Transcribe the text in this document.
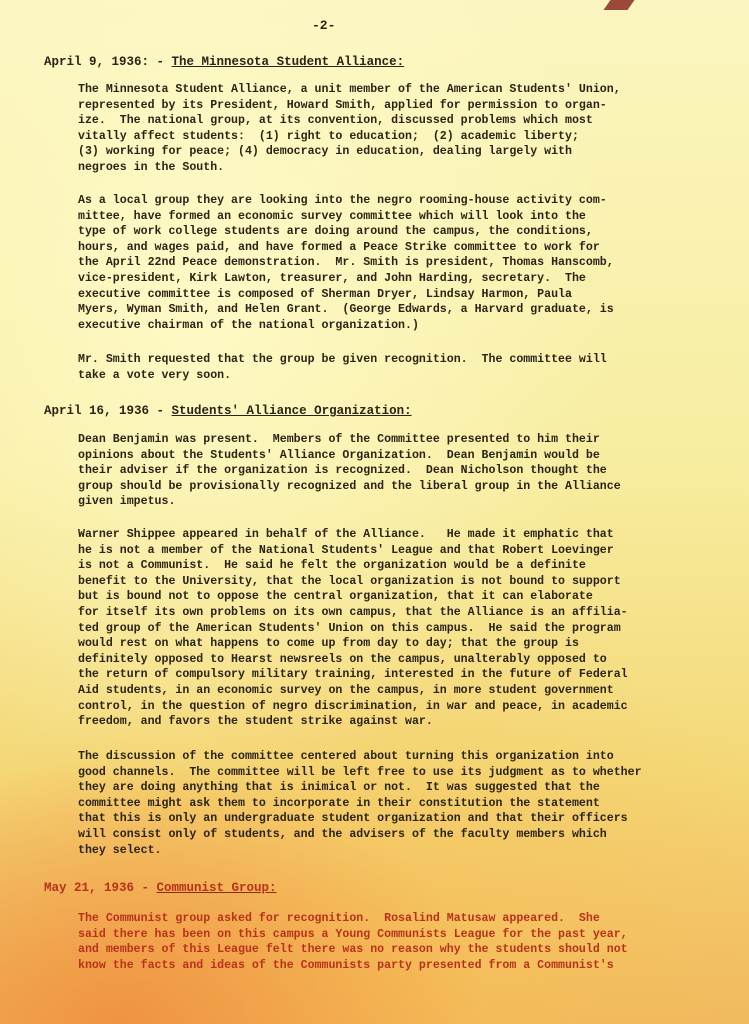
-2-
April 9, 1936: - The Minnesota Student Alliance:

The Minnesota Student Alliance, a unit member of the American Students' Union,
represented by its President, Howard Smith, applied for permission to organ-
ize.  The national group, at its convention, discussed problems which most
vitally affect students:  (1) right to education;  (2) academic liberty;
(3) working for peace; (4) democracy in education, dealing largely with
negroes in the South.

As a local group they are looking into the negro rooming-house activity com-
mittee, have formed an economic survey committee which will look into the
type of work college students are doing around the campus, the conditions,
hours, and wages paid, and have formed a Peace Strike committee to work for
the April 22nd Peace demonstration.  Mr. Smith is president, Thomas Hanscomb,
vice-president, Kirk Lawton, treasurer, and John Harding, secretary.  The
executive committee is composed of Sherman Dryer, Lindsay Harmon, Paula
Myers, Wyman Smith, and Helen Grant.  (George Edwards, a Harvard graduate, is
executive chairman of the national organization.)

Mr. Smith requested that the group be given recognition.  The committee will
take a vote very soon.

April 16, 1936 - Students' Alliance Organization:

Dean Benjamin was present.  Members of the Committee presented to him their
opinions about the Students' Alliance Organization.  Dean Benjamin would be
their adviser if the organization is recognized.  Dean Nicholson thought the
group should be provisionally recognized and the liberal group in the Alliance
given impetus.

Warner Shippee appeared in behalf of the Alliance.   He made it emphatic that
he is not a member of the National Students' League and that Robert Loevinger
is not a Communist.  He said he felt the organization would be a definite
benefit to the University, that the local organization is not bound to support
but is bound not to oppose the central organization, that it can elaborate
for itself its own problems on its own campus, that the Alliance is an affilia-
ted group of the American Students' Union on this campus.  He said the program
would rest on what happens to come up from day to day; that the group is
definitely opposed to Hearst newsreels on the campus, unalterably opposed to
the return of compulsory military training, interested in the future of Federal
Aid students, in an economic survey on the campus, in more student government
control, in the question of negro discrimination, in war and peace, in academic
freedom, and favors the student strike against war.

The discussion of the committee centered about turning this organization into
good channels.  The committee will be left free to use its judgment as to whether
they are doing anything that is inimical or not.  It was suggested that the
committee might ask them to incorporate in their constitution the statement
that this is only an undergraduate student organization and that their officers
will consist only of students, and the advisers of the faculty members which
they select.

May 21, 1936 - Communist Group:

The Communist group asked for recognition.  Rosalind Matusaw appeared.  She
said there has been on this campus a Young Communists League for the past year,
and members of this League felt there was no reason why the students should not
know the facts and ideas of the Communists party presented from a Communist's
